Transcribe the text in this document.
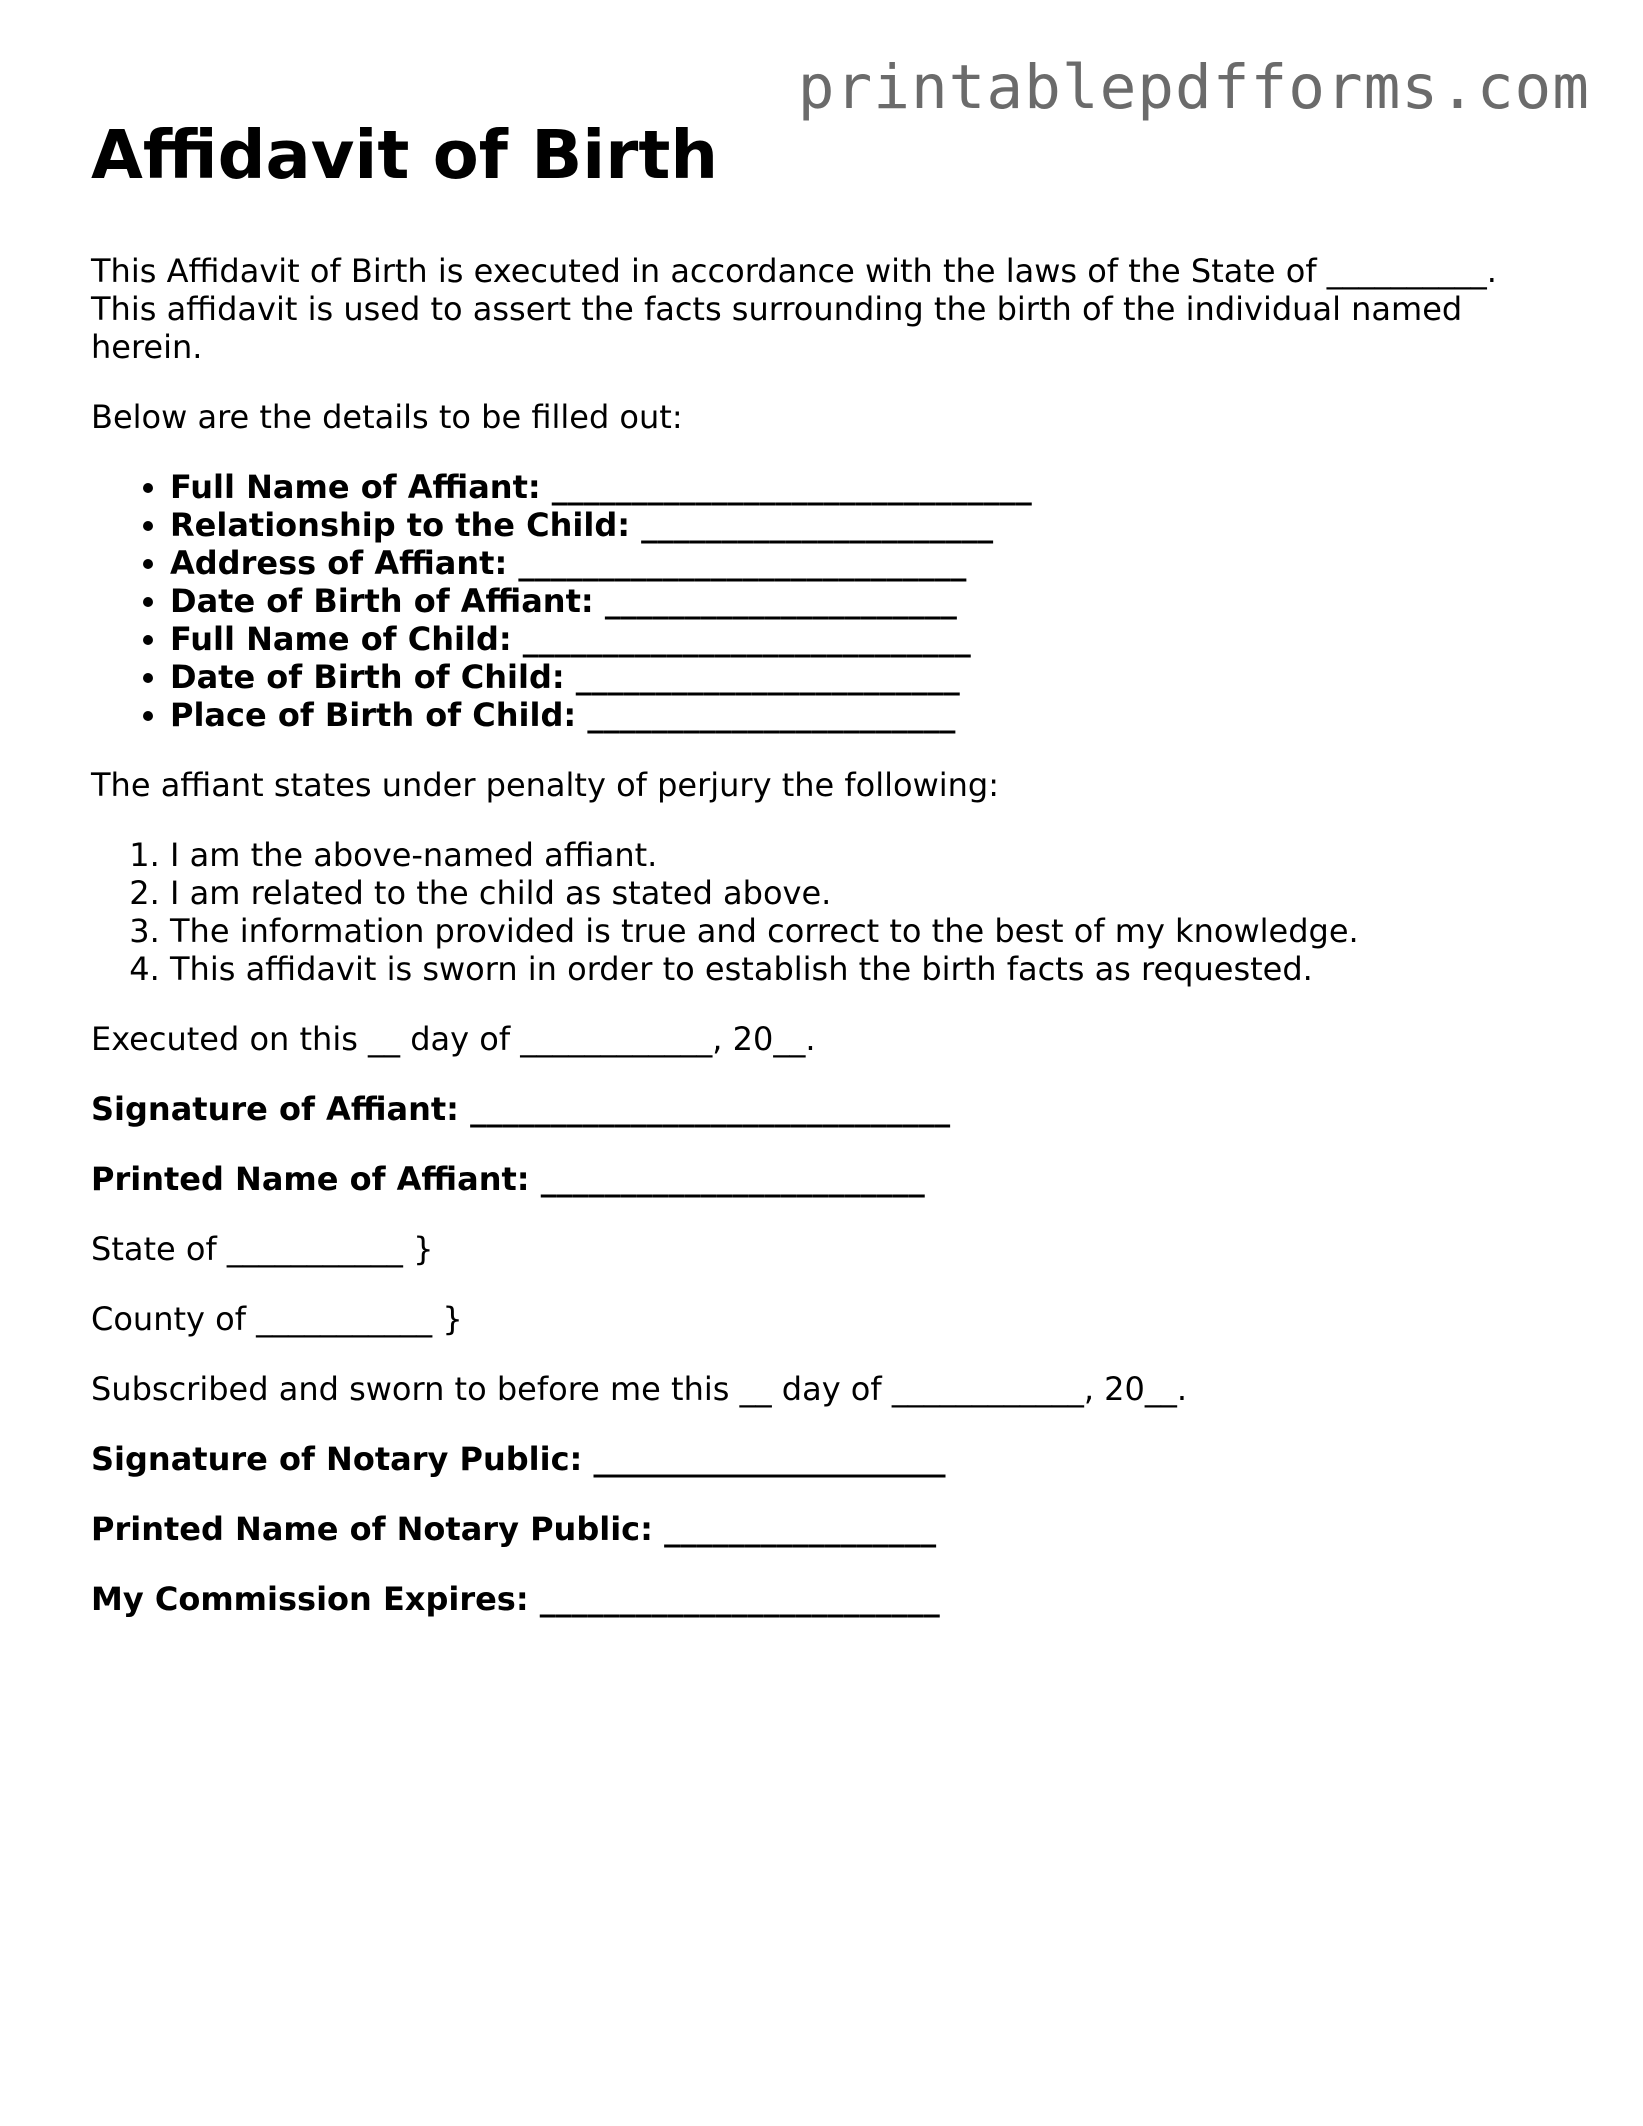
printablepdfforms.com
Affidavit of Birth

This Affidavit of Birth is executed in accordance with the laws of the State of __________. This affidavit is used to assert the facts surrounding the birth of the individual named herein.

Below are the details to be filled out:

• Full Name of Affiant: ______________________________
• Relationship to the Child: ______________________
• Address of Affiant: ____________________________
• Date of Birth of Affiant: ______________________
• Full Name of Child: ____________________________
• Date of Birth of Child: ________________________
• Place of Birth of Child: _______________________

The affiant states under penalty of perjury the following:

1. I am the above-named affiant.
2. I am related to the child as stated above.
3. The information provided is true and correct to the best of my knowledge.
4. This affidavit is sworn in order to establish the birth facts as requested.

Executed on this __ day of ____________, 20__.

Signature of Affiant: ______________________________

Printed Name of Affiant: ________________________

State of ___________ }

County of ___________ }

Subscribed and sworn to before me this __ day of ____________, 20__.

Signature of Notary Public: ______________________

Printed Name of Notary Public: _________________

My Commission Expires: _________________________
